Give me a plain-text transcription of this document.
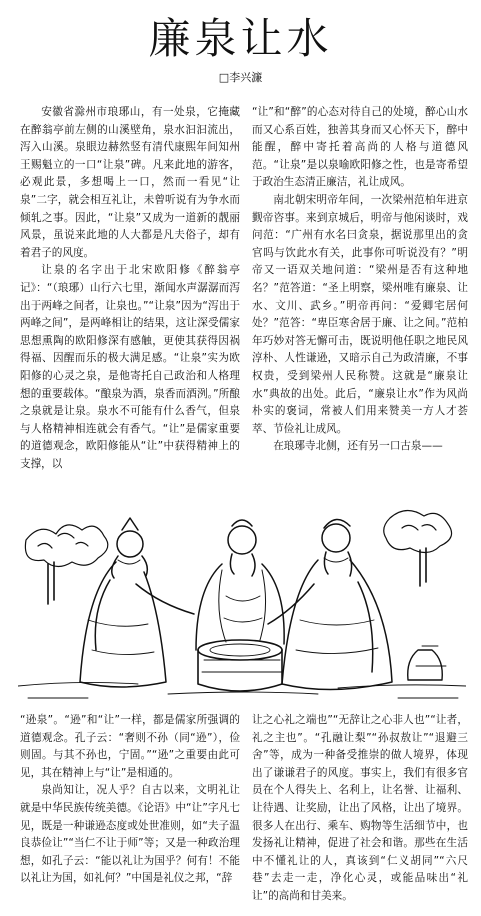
廉泉让水
□李兴濂

安徽省滁州市琅琊山，有一处泉，它掩藏在醉翁亭前左侧的山溪壁角，泉水汩汩流出，泻入山溪。泉眼边赫然竖有清代康熙年间知州王赐魁立的一口“让泉”碑。凡来此地的游客，必观此景，多想喝上一口，然而一看见“让泉”二字，就会相互礼让，未曾听说有为争水而倾轧之事。因此，“让泉”又成为一道新的靓丽风景，虽说来此地的人大都是凡夫俗子，却有着君子的风度。

让泉的名字出于北宋欧阳修《醉翁亭记》：“（琅琊）山行六七里，渐闻水声潺潺而泻出于两峰之间者，让泉也。”“让泉”因为“泻出于两峰之间”，是两峰相让的结果，这让深受儒家思想熏陶的欧阳修深有感触，更使其获得因祸得福、因醒而乐的极大满足感。“让泉”实为欧阳修的心灵之泉，是他寄托自己政治和人格理想的重要载体。“酿泉为酒，泉香而酒洌。”所酿之泉就是让泉。泉水不可能有什么香气，但泉与人格精神相连就会有香气。“让”是儒家重要的道德观念，欧阳修能从“让”中获得精神上的支撑，以

“让”和“醉”的心态对待自己的处境，醉心山水而又心系百姓，独善其身而又心怀天下，醉中能醒，醉中寄托着高尚的人格与道德风范。“让泉”是以泉喻欧阳修之性，也是寄希望于政治生态清正廉洁，礼让成风。

南北朝宋明帝年间，一次梁州范柏年进京觐帝咨事。来到京城后，明帝与他闲谈时，戏问范：“广州有水名曰贪泉，据说那里出的贪官吗与饮此水有关，此事你可听说没有？”明帝又一语双关地问道：“梁州是否有这种地名？”范答道：“圣上明察，梁州唯有廉泉、让水、文川、武乡。”明帝再问：“爱卿宅居何处？”范答：“卑臣寒舍居于廉、让之间。”范柏年巧妙对答无懈可击，既说明他任职之地民风淳朴、人性谦逊，又暗示自己为政清廉，不事权贵，受到梁州人民称赞。这就是“廉泉让水”典故的出处。此后，“廉泉让水”作为风尚朴实的褒词，常被人们用来赞美一方人才荟萃、节俭礼让成风。

在琅琊寺北侧，还有另一口古泉——

“逊泉”。“逊”和“让”一样，都是儒家所强调的道德观念。孔子云：“奢则不孙（同“逊”），俭则固。与其不孙也，宁固。”“逊”之重要由此可见，其在精神上与“让”是相通的。

泉尚知让，况人乎？自古以来，文明礼让就是中华民族传统美德。《论语》中“让”字凡七见，既是一种谦逊态度或处世准则，如“夫子温良恭俭让”“当仁不让于师”等；又是一种政治理想，如孔子云：“能以礼让为国乎？何有！不能以礼让为国，如礼何？”中国是礼仪之邦，“辞

让之心礼之端也”“无辞让之心非人也”“让者，礼之主也”。“孔融让梨”“孙叔敖让”“退避三舍”等，成为一种备受推崇的做人境界，体现出了谦谦君子的风度。事实上，我们有很多官员在个人得失上、名利上，让名誉、让福利、让待遇、让奖励，让出了风格，让出了境界。很多人在出行、乘车、购物等生活细节中，也发扬礼让精神，促进了社会和谐。那些在生活中不懂礼让的人，真该到“仁义胡同”“六尺巷”去走一走，净化心灵，或能品味出“礼让”的高尚和甘美来。
